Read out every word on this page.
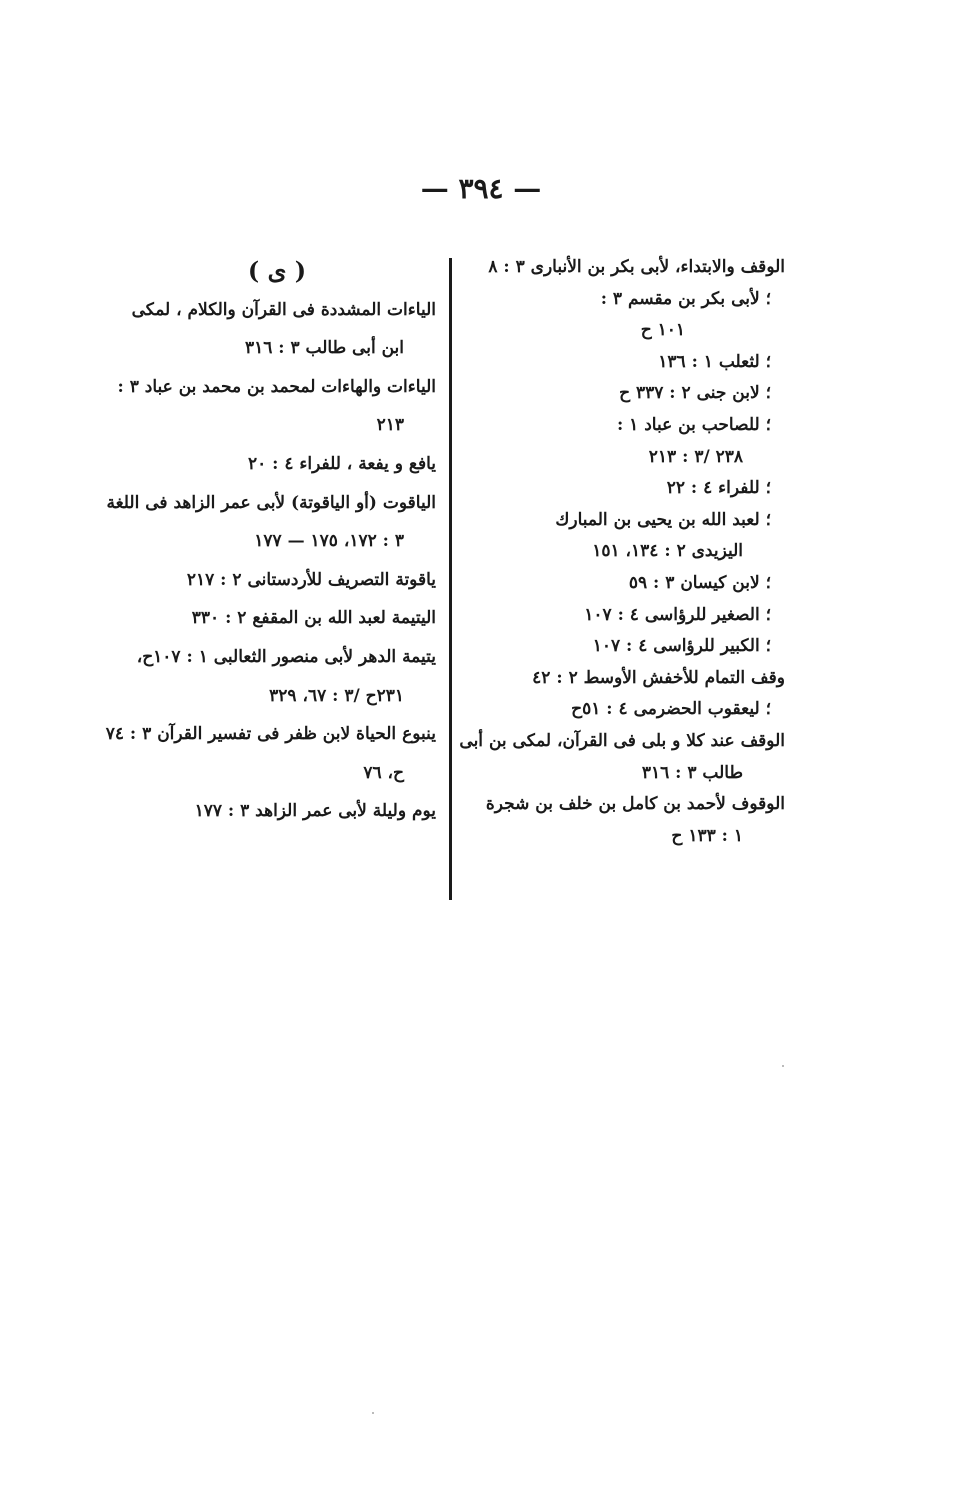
— ٣٩٤ —
الوقف والابتداء، لأبى بكر بن الأنبارى ٣ : ٨
؛ لأبى بكر بن مقسم ٣ :
١٠١ ح
؛ لثعلب ١ : ١٣٦
؛ لابن جنى ٢ : ٣٣٧ ح
؛ للصاحب بن عباد ١ :
٢٣٨ /٣ : ٢١٣
؛ للفراء ٤ : ٢٢
؛ لعبد الله بن يحيى بن المبارك
اليزيدى ٢ : ١٣٤، ١٥١
؛ لابن كيسان ٣ : ٥٩
؛ الصغير للرؤاسى ٤ : ١٠٧
؛ الكبير للرؤاسى ٤ : ١٠٧
وقف التمام للأخفش الأوسط ٢ : ٤٢
؛ ليعقوب الحضرمى ٤ : ٥١ح
الوقف عند كلا و بلى فى القرآن، لمكى بن أبى
طالب ٣ : ٣١٦
الوقوف لأحمد بن كامل بن خلف بن شجرة
١ : ١٣٣ ح
( ى )
الياءات المشددة فى القرآن والكلام ، لمكى
ابن أبى طالب ٣ : ٣١٦
الياءات والهاءات لمحمد بن محمد بن عباد ٣ :
٢١٣
يافع و يفعة ، للفراء ٤ : ٢٠
الياقوت (أو الياقوتة) لأبى عمر الزاهد فى اللغة
٣ : ١٧٢، ١٧٥ — ١٧٧
ياقوتة التصريف للأردستانى ٢ : ٢١٧
اليتيمة لعبد الله بن المقفع ٢ : ٣٣٠
يتيمة الدهر لأبى منصور الثعالبى ١ : ١٠٧ح،
٢٣١ح /٣ : ٦٧، ٣٢٩
ينبوع الحياة لابن ظفر فى تفسير القرآن ٣ : ٧٤
ح، ٧٦
يوم وليلة لأبى عمر الزاهد ٣ : ١٧٧
